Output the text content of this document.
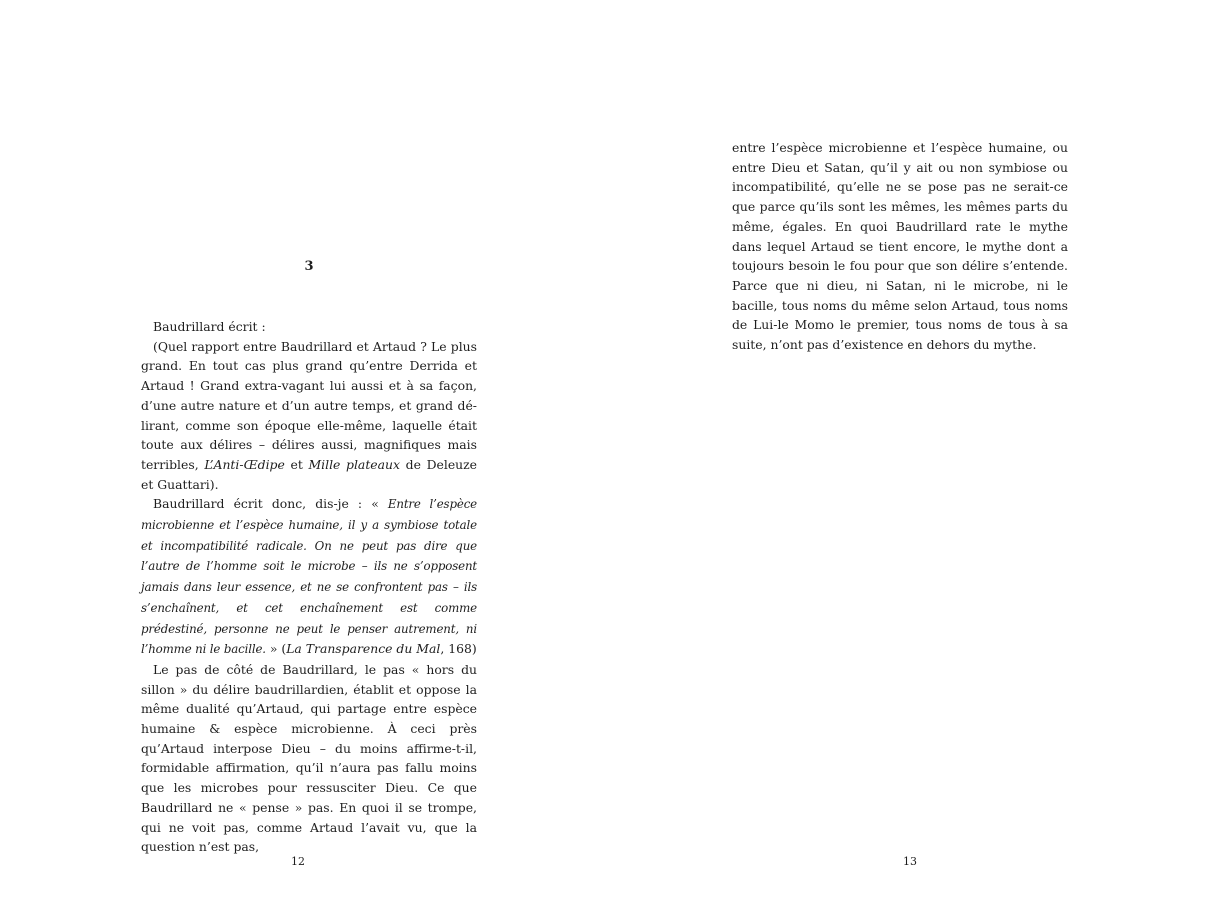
3

Baudrillard écrit :

(Quel rapport entre Baudrillard et Artaud ? Le plus grand. En tout cas plus grand qu’entre Derrida et Artaud ! Grand extra-vagant lui aussi et à sa façon, d’une autre nature et d’un autre temps, et grand dé-lirant, comme son époque elle-même, laquelle était toute aux délires – délires aussi, magnifiques mais terribles, L’Anti-Œdipe et Mille plateaux de Deleuze et Guattari).

Baudrillard écrit donc, dis-je : « Entre l’espèce microbienne et l’espèce humaine, il y a symbiose totale et incompatibilité radicale. On ne peut pas dire que l’autre de l’homme soit le microbe – ils ne s’opposent jamais dans leur essence, et ne se confrontent pas – ils s’enchaînent, et cet enchaînement est comme prédestiné, personne ne peut le penser autrement, ni l’homme ni le bacille. » (La Transparence du Mal, 168)

Le pas de côté de Baudrillard, le pas « hors du sillon » du délire baudrillardien, établit et oppose la même dualité qu’Artaud, qui partage entre espèce humaine & espèce microbienne. À ceci près qu’Artaud interpose Dieu – du moins affirme-t-il, formidable affirmation, qu’il n’aura pas fallu moins que les microbes pour ressusciter Dieu. Ce que Baudrillard ne « pense » pas. En quoi il se trompe, qui ne voit pas, comme Artaud l’avait vu, que la question n’est pas,

12

entre l’espèce microbienne et l’espèce humaine, ou entre Dieu et Satan, qu’il y ait ou non symbiose ou incompatibilité, qu’elle ne se pose pas ne serait-ce que parce qu’ils sont les mêmes, les mêmes parts du même, égales. En quoi Baudrillard rate le mythe dans lequel Artaud se tient encore, le mythe dont a toujours besoin le fou pour que son délire s’entende. Parce que ni dieu, ni Satan, ni le microbe, ni le bacille, tous noms du même selon Artaud, tous noms de Lui-le Momo le premier, tous noms de tous à sa suite, n’ont pas d’existence en dehors du mythe.

13
